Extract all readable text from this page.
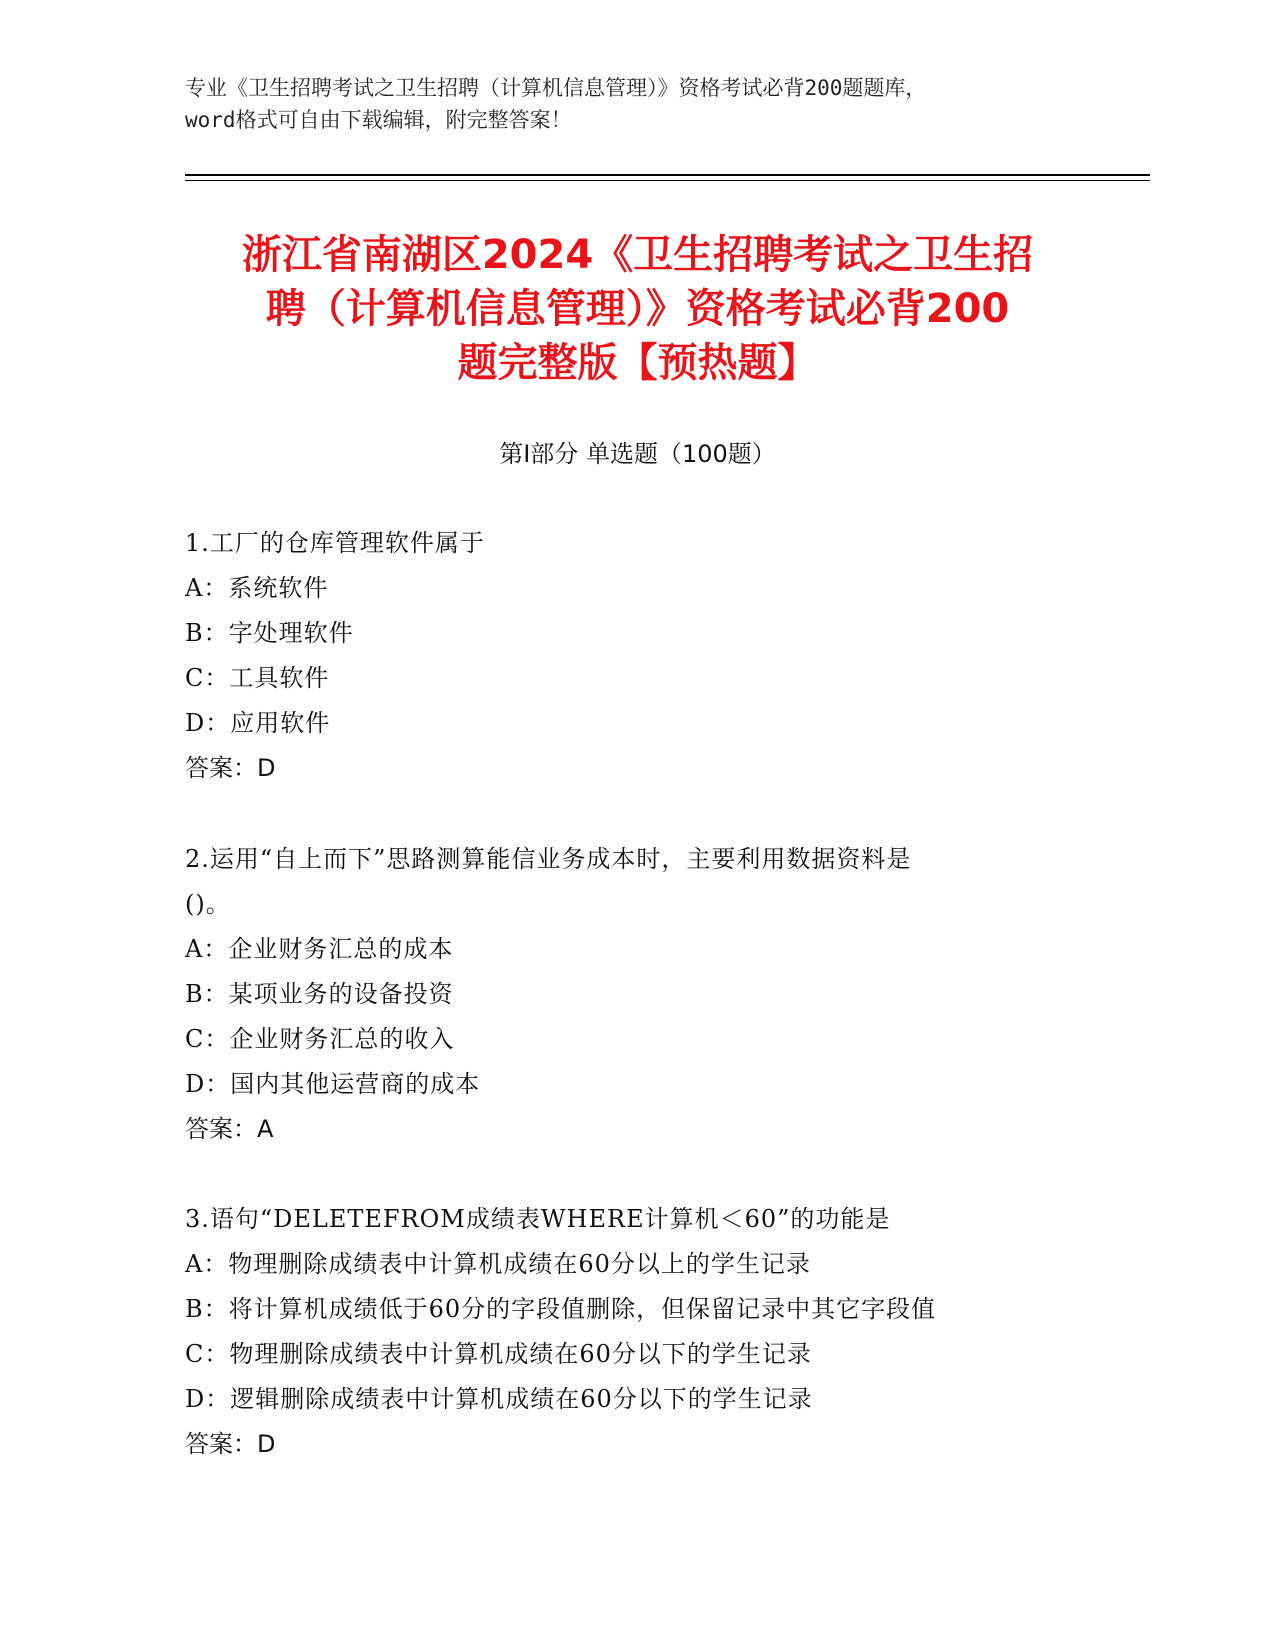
专业《卫生招聘考试之卫生招聘（计算机信息管理）》资格考试必背200题题库，
word格式可自由下载编辑，附完整答案！
浙江省南湖区2024《卫生招聘考试之卫生招
聘（计算机信息管理）》资格考试必背200
题完整版【预热题】
第Ⅰ部分 单选题（100题）
1.工厂的仓库管理软件属于
A：系统软件
B：字处理软件
C：工具软件
D：应用软件
答案：D
2.运用“自上而下”思路测算能信业务成本时，主要利用数据资料是
()。
A：企业财务汇总的成本
B：某项业务的设备投资
C：企业财务汇总的收入
D：国内其他运营商的成本
答案：A
3.语句“DELETEFROM成绩表WHERE计算机＜60”的功能是
A：物理删除成绩表中计算机成绩在60分以上的学生记录
B：将计算机成绩低于60分的字段值删除，但保留记录中其它字段值
C：物理删除成绩表中计算机成绩在60分以下的学生记录
D：逻辑删除成绩表中计算机成绩在60分以下的学生记录
答案：D
